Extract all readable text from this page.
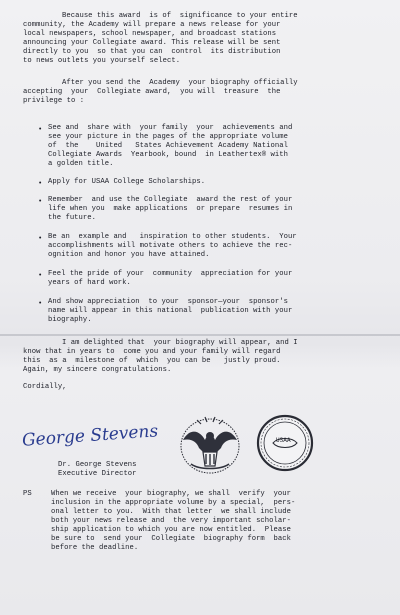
Because this award  is of  significance to your entire
community, the Academy will prepare a news release for your
local newspapers, school newspaper, and broadcast stations
announcing your Collegiate award. This release will be sent
directly to you  so that you can  control  its distribution
to news outlets you yourself select.
After you send the  Academy  your biography officially
accepting  your  Collegiate award,  you will  treasure  the
privilege to :
• See and  share with  your family  your  achievements and
see your picture in the pages of the appropriate volume
of  the    United   States Achievement Academy National
Collegiate Awards  Yearbook, bound  in Leathertex® with
a golden title.
• Apply for USAA College Scholarships.
• Remember  and use the Collegiate  award the rest of your
life when you  make applications  or prepare  resumes in
the future.
• Be an  example and   inspiration to other students.  Your
accomplishments will motivate others to achieve the rec-
ognition and honor you have attained.
• Feel the pride of your  community  appreciation for your
years of hard work.
• And show appreciation  to your  sponsor—your  sponsor's
name will appear in this national  publication with your
biography.
I am delighted that  your biography will appear, and I
know that in years to  come you and your family will regard
this  as a  milestone of  which  you can be   justly proud.
Again, my sincere congratulations.
Cordially,
George Stevens
Dr. George Stevens
Executive Director
USAA
PS	When we receive  your biography, we shall  verify  your
inclusion in the appropriate volume by a special,  pers-
onal letter to you.  With that letter  we shall include
both your news release and  the very important scholar-
ship application to which you are now entitled.  Please
be sure to  send your  Collegiate  biography form  back
before the deadline.
